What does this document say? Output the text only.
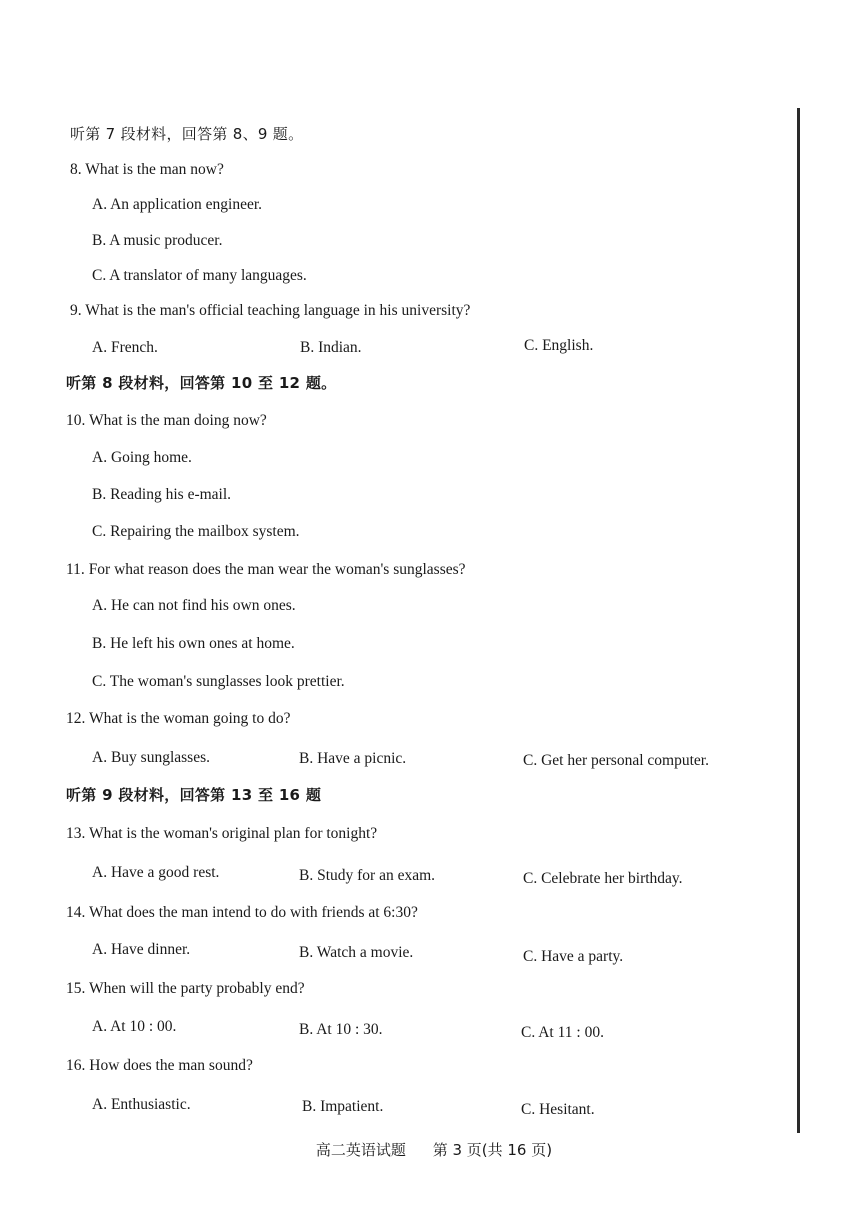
听第 7 段材料，回答第 8、9 题。
8. What is the man now?
A. An application engineer.
B. A music producer.
C. A translator of many languages.
9. What is the man's official teaching language in his university?
A. French.	B. Indian.	C. English.
听第 8 段材料，回答第 10 至 12 题。
10. What is the man doing now?
A. Going home.
B. Reading his e-mail.
C. Repairing the mailbox system.
11. For what reason does the man wear the woman's sunglasses?
A. He can not find his own ones.
B. He left his own ones at home.
C. The woman's sunglasses look prettier.
12. What is the woman going to do?
A. Buy sunglasses.	B. Have a picnic.	C. Get her personal computer.
听第 9 段材料，回答第 13 至 16 题
13. What is the woman's original plan for tonight?
A. Have a good rest.	B. Study for an exam.	C. Celebrate her birthday.
14. What does the man intend to do with friends at 6:30?
A. Have dinner.	B. Watch a movie.	C. Have a party.
15. When will the party probably end?
A. At 10 : 00.	B. At 10 : 30.	C. At 11 : 00.
16. How does the man sound?
A. Enthusiastic.	B. Impatient.	C. Hesitant.
高二英语试题 第 3 页(共 16 页)
